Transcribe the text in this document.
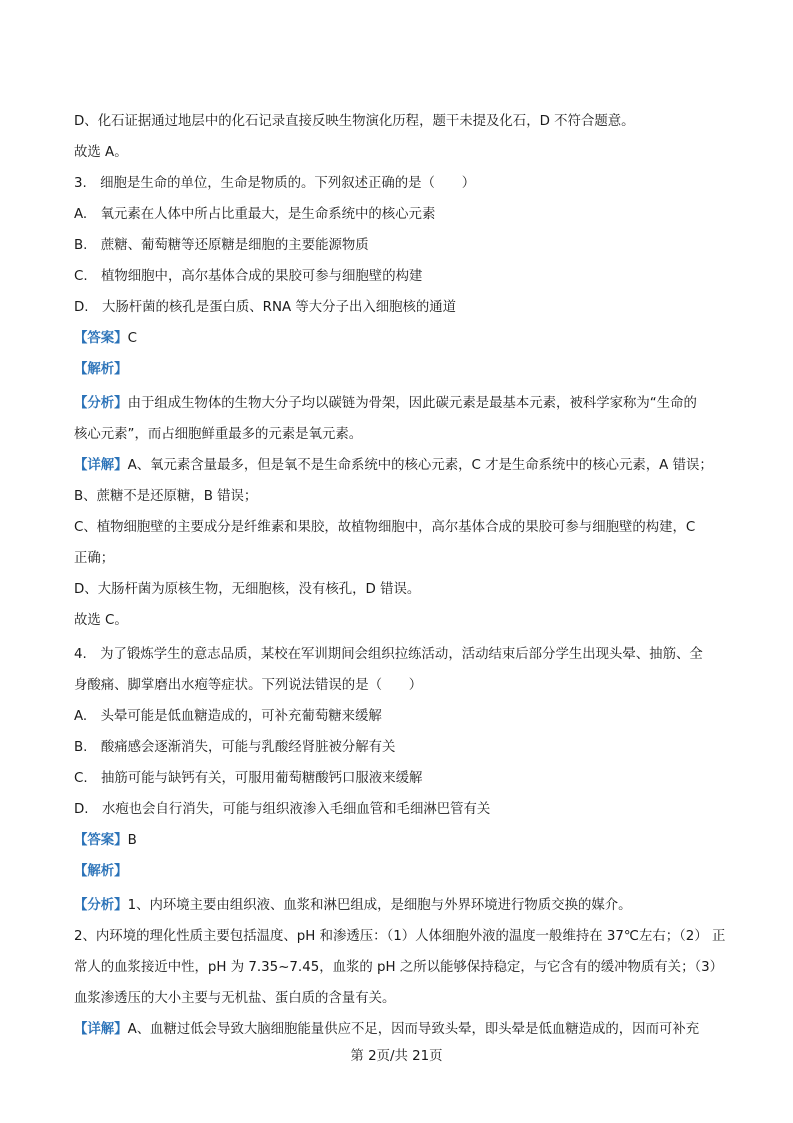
D、化石证据通过地层中的化石记录直接反映生物演化历程，题干未提及化石，D 不符合题意。
故选 A。
3.　细胞是生命的单位，生命是物质的。下列叙述正确的是（　　）
A.　氧元素在人体中所占比重最大，是生命系统中的核心元素
B.　蔗糖、葡萄糖等还原糖是细胞的主要能源物质
C.　植物细胞中，高尔基体合成的果胶可参与细胞壁的构建
D.　大肠杆菌的核孔是蛋白质、RNA 等大分子出入细胞核的通道
【答案】C
【解析】
【分析】由于组成生物体的生物大分子均以碳链为骨架，因此碳元素是最基本元素，被科学家称为“生命的
核心元素”，而占细胞鲜重最多的元素是氧元素。
【详解】A、氧元素含量最多，但是氧不是生命系统中的核心元素，C 才是生命系统中的核心元素，A 错误；
B、蔗糖不是还原糖，B 错误；
C、植物细胞壁的主要成分是纤维素和果胶，故植物细胞中，高尔基体合成的果胶可参与细胞壁的构建，C
正确；
D、大肠杆菌为原核生物，无细胞核，没有核孔，D 错误。
故选 C。
4.　为了锻炼学生的意志品质，某校在军训期间会组织拉练活动，活动结束后部分学生出现头晕、抽筋、全
身酸痛、脚掌磨出水疱等症状。下列说法错误的是（　　）
A.　头晕可能是低血糖造成的，可补充葡萄糖来缓解
B.　酸痛感会逐渐消失，可能与乳酸经肾脏被分解有关
C.　抽筋可能与缺钙有关，可服用葡萄糖酸钙口服液来缓解
D.　水疱也会自行消失，可能与组织液渗入毛细血管和毛细淋巴管有关
【答案】B
【解析】
【分析】1、内环境主要由组织液、血浆和淋巴组成，是细胞与外界环境进行物质交换的媒介。
2、内环境的理化性质主要包括温度、pH 和渗透压：（1）人体细胞外液的温度一般维持在 37℃左右；（2） 正
常人的血浆接近中性，pH 为 7.35~7.45，血浆的 pH 之所以能够保持稳定，与它含有的缓冲物质有关；（3）
血浆渗透压的大小主要与无机盐、蛋白质的含量有关。
【详解】A、血糖过低会导致大脑细胞能量供应不足，因而导致头晕，即头晕是低血糖造成的，因而可补充
第 2页/共 21页
